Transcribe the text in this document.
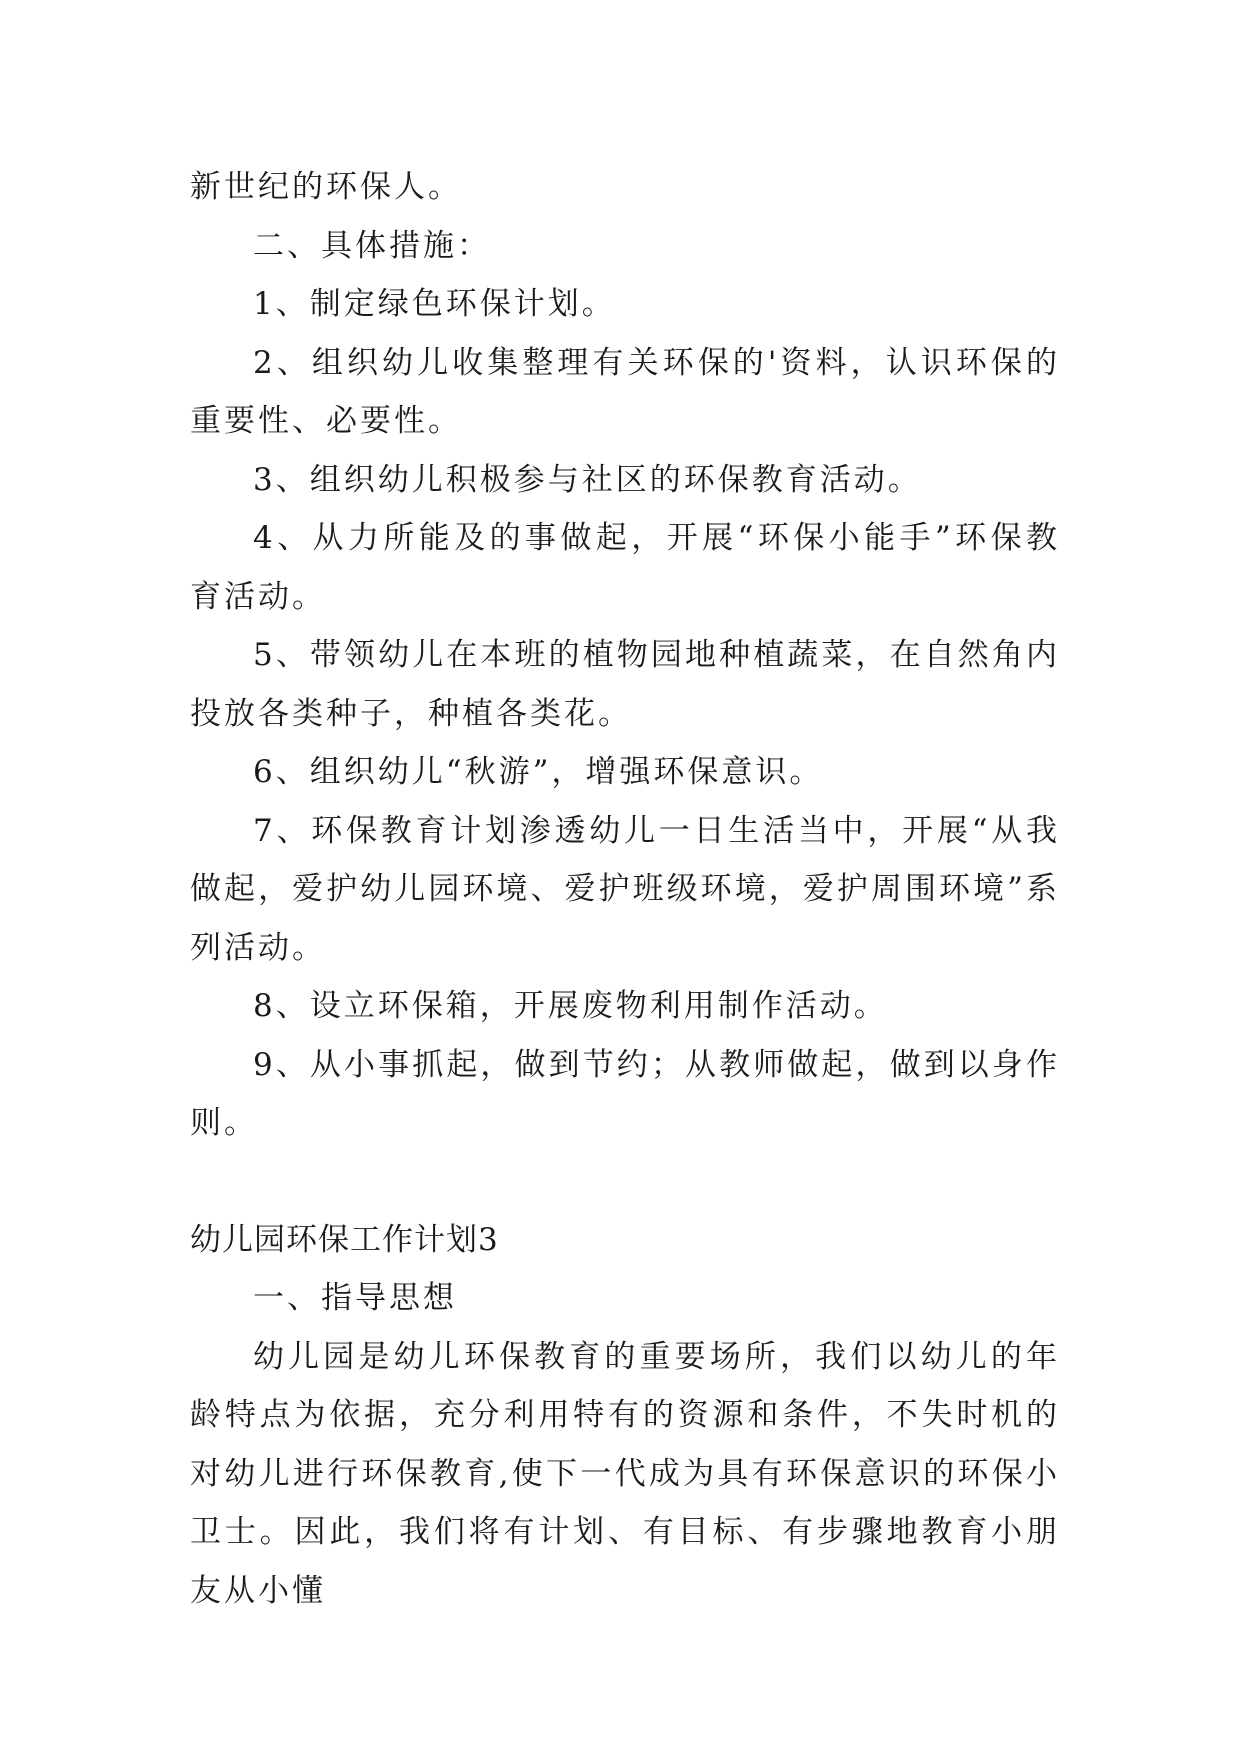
新世纪的环保人。

二、具体措施：

1、制定绿色环保计划。

2、组织幼儿收集整理有关环保的'资料，认识环保的重要性、必要性。

3、组织幼儿积极参与社区的环保教育活动。

4、从力所能及的事做起，开展“环保小能手”环保教育活动。

5、带领幼儿在本班的植物园地种植蔬菜，在自然角内投放各类种子，种植各类花。

6、组织幼儿“秋游”，增强环保意识。

7、环保教育计划渗透幼儿一日生活当中，开展“从我做起，爱护幼儿园环境、爱护班级环境，爱护周围环境”系列活动。

8、设立环保箱，开展废物利用制作活动。

9、从小事抓起，做到节约；从教师做起，做到以身作则。

幼儿园环保工作计划3

一、指导思想

幼儿园是幼儿环保教育的重要场所，我们以幼儿的年龄特点为依据，充分利用特有的资源和条件，不失时机的对幼儿进行环保教育,使下一代成为具有环保意识的环保小卫士。因此，我们将有计划、有目标、有步骤地教育小朋友从小懂
